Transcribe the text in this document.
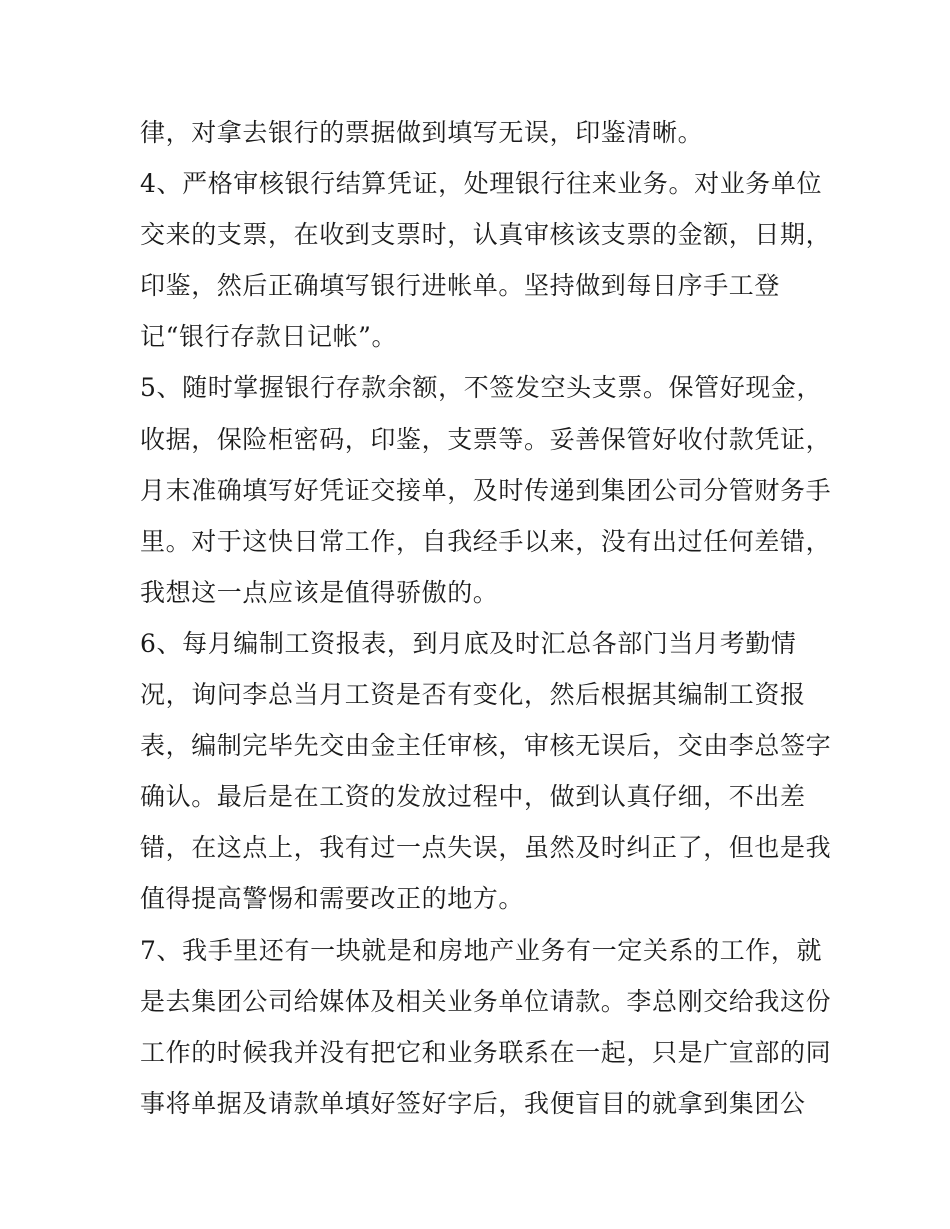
律，对拿去银行的票据做到填写无误，印鉴清晰。
4、严格审核银行结算凭证，处理银行往来业务。对业务单位
交来的支票，在收到支票时，认真审核该支票的金额，日期，
印鉴，然后正确填写银行进帐单。坚持做到每日序手工登
记“银行存款日记帐”。
5、随时掌握银行存款余额，不签发空头支票。保管好现金，
收据，保险柜密码，印鉴，支票等。妥善保管好收付款凭证，
月末准确填写好凭证交接单，及时传递到集团公司分管财务手
里。对于这快日常工作，自我经手以来，没有出过任何差错，
我想这一点应该是值得骄傲的。
6、每月编制工资报表，到月底及时汇总各部门当月考勤情
况，询问李总当月工资是否有变化，然后根据其编制工资报
表，编制完毕先交由金主任审核，审核无误后，交由李总签字
确认。最后是在工资的发放过程中，做到认真仔细，不出差
错，在这点上，我有过一点失误，虽然及时纠正了，但也是我
值得提高警惕和需要改正的地方。
7、我手里还有一块就是和房地产业务有一定关系的工作，就
是去集团公司给媒体及相关业务单位请款。李总刚交给我这份
工作的时候我并没有把它和业务联系在一起，只是广宣部的同
事将单据及请款单填好签好字后，我便盲目的就拿到集团公
